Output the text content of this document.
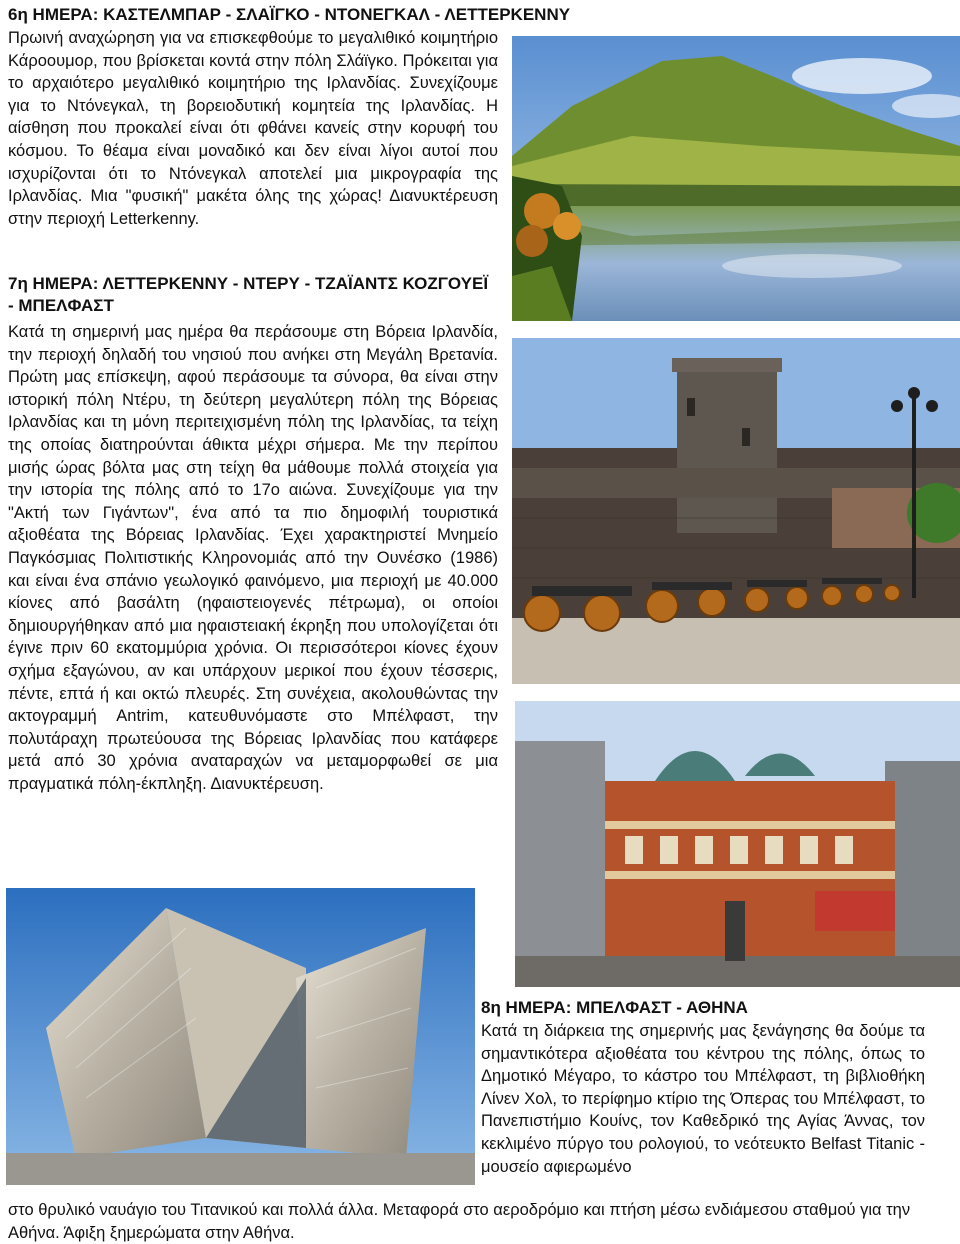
6η ΗΜΕΡΑ: ΚΑΣΤΕΛΜΠΑΡ - ΣΛΑΪΓΚΟ - ΝΤΟΝΕΓΚΑΛ - ΛΕΤΤΕΡΚΕΝΝΥ

Πρωινή αναχώρηση για να επισκεφθούμε το μεγαλιθικό κοιμητήριο Κάροουμορ, που βρίσκεται κοντά στην πόλη Σλάϊγκο. Πρόκειται για το αρχαιότερο μεγαλιθικό κοιμητήριο της Ιρλανδίας. Συνεχίζουμε για το Ντόνεγκαλ, τη βορειοδυτική κομητεία της Ιρλανδίας. Η αίσθηση που προκαλεί είναι ότι φθάνει κανείς στην κορυφή του κόσμου. Το θέαμα είναι μοναδικό και δεν είναι λίγοι αυτοί που ισχυρίζονται ότι το Ντόνεγκαλ αποτελεί μια μικρογραφία της Ιρλανδίας. Μια "φυσική" μακέτα όλης της χώρας! Διανυκτέρευση στην περιοχή Letterkenny.

7η ΗΜΕΡΑ: ΛΕΤΤΕΡΚΕΝΝΥ - ΝΤΕΡΥ - ΤΖΑΪΑΝΤΣ ΚΟΖΓΟΥΕΪ - ΜΠΕΛΦΑΣΤ

Κατά τη σημερινή μας ημέρα θα περάσουμε στη Βόρεια Ιρλανδία, την περιοχή δηλαδή του νησιού που ανήκει στη Μεγάλη Βρετανία. Πρώτη μας επίσκεψη, αφού περάσουμε τα σύνορα, θα είναι στην ιστορική πόλη Ντέρυ, τη δεύτερη μεγαλύτερη πόλη της Βόρειας Ιρλανδίας και τη μόνη περιτειχισμένη πόλη της Ιρλανδίας, τα τείχη της οποίας διατηρούνται άθικτα μέχρι σήμερα. Με την περίπου μισής ώρας βόλτα μας στη τείχη θα μάθουμε πολλά στοιχεία για την ιστορία της πόλης από το 17ο αιώνα. Συνεχίζουμε για την "Ακτή των Γιγάντων", ένα από τα πιο δημοφιλή τουριστικά αξιοθέατα της Βόρειας Ιρλανδίας. Έχει χαρακτηριστεί Μνημείο Παγκόσμιας Πολιτιστικής Κληρονομιάς από την Ουνέσκο (1986) και είναι ένα σπάνιο γεωλογικό φαινόμενο, μια περιοχή με 40.000 κίονες από βασάλτη (ηφαιστειογενές πέτρωμα), οι οποίοι δημιουργήθηκαν από μια ηφαιστειακή έκρηξη που υπολογίζεται ότι έγινε πριν 60 εκατομμύρια χρόνια. Οι περισσότεροι κίονες έχουν σχήμα εξαγώνου, αν και υπάρχουν μερικοί που έχουν τέσσερις, πέντε, επτά ή και οκτώ πλευρές. Στη συνέχεια, ακολουθώντας την ακτογραμμή Antrim, κατευθυνόμαστε στο Μπέλφαστ, την πολυτάραχη πρωτεύουσα της Βόρειας Ιρλανδίας που κατάφερε μετά από 30 χρόνια αναταραχών να μεταμορφωθεί σε μια πραγματικά πόλη-έκπληξη. Διανυκτέρευση.

8η ΗΜΕΡΑ: ΜΠΕΛΦΑΣΤ - ΑΘΗΝΑ

Κατά τη διάρκεια της σημερινής μας ξενάγησης θα δούμε τα σημαντικότερα αξιοθέατα του κέντρου της πόλης, όπως το Δημοτικό Μέγαρο, το κάστρο του Μπέλφαστ, τη βιβλιοθήκη Λίνεν Χολ, το περίφημο κτίριο της Όπερας του Μπέλφαστ, το Πανεπιστήμιο Κουίνς, τον Καθεδρικό της Αγίας Άννας, τον κεκλιμένο πύργο του ρολογιού, το νεότευκτο Belfast Titanic - μουσείο αφιερωμένο

στο θρυλικό ναυάγιο του Τιτανικού και πολλά άλλα. Μεταφορά στο αεροδρόμιο και πτήση μέσω ενδιάμεσου σταθμού για την Αθήνα. Άφιξη ξημερώματα στην Αθήνα.
